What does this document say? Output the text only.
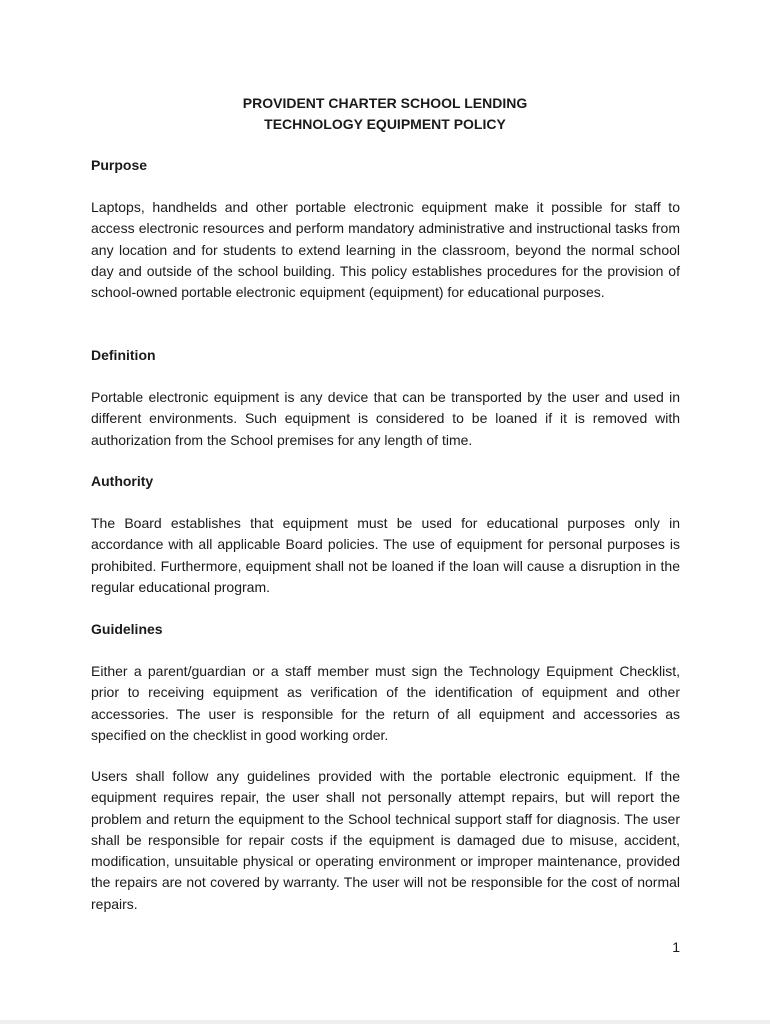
PROVIDENT CHARTER SCHOOL LENDING
TECHNOLOGY EQUIPMENT POLICY
Purpose

Laptops, handhelds and other portable electronic equipment make it possible for staff to access electronic resources and perform mandatory administrative and instructional tasks from any location and for students to extend learning in the classroom, beyond the normal school day and outside of the school building. This policy establishes procedures for the provision of school-owned portable electronic equipment (equipment) for educational purposes.

Definition

Portable electronic equipment is any device that can be transported by the user and used in different environments. Such equipment is considered to be loaned if it is removed with authorization from the School premises for any length of time.

Authority

The Board establishes that equipment must be used for educational purposes only in accordance with all applicable Board policies. The use of equipment for personal purposes is prohibited. Furthermore, equipment shall not be loaned if the loan will cause a disruption in the regular educational program.

Guidelines

Either a parent/guardian or a staff member must sign the Technology Equipment Checklist, prior to receiving equipment as verification of the identification of equipment and other accessories. The user is responsible for the return of all equipment and accessories as specified on the checklist in good working order.

Users shall follow any guidelines provided with the portable electronic equipment. If the equipment requires repair, the user shall not personally attempt repairs, but will report the problem and return the equipment to the School technical support staff for diagnosis. The user shall be responsible for repair costs if the equipment is damaged due to misuse, accident, modification, unsuitable physical or operating environment or improper maintenance, provided the repairs are not covered by warranty. The user will not be responsible for the cost of normal repairs.

1
